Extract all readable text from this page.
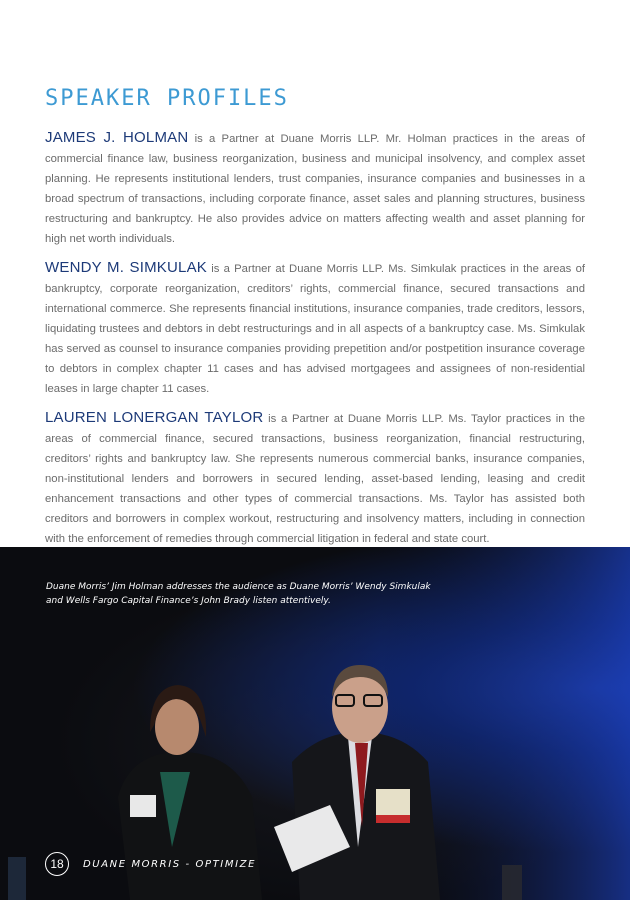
SPEAKER PROFILES

JAMES J. HOLMAN is a Partner at Duane Morris LLP. Mr. Holman practices in the areas of commercial finance law, business reorganization, business and municipal insolvency, and complex asset planning. He represents institutional lenders, trust companies, insurance companies and businesses in a broad spectrum of transactions, including corporate finance, asset sales and planning structures, business restructuring and bankruptcy. He also provides advice on matters affecting wealth and asset planning for high net worth individuals.

WENDY M. SIMKULAK is a Partner at Duane Morris LLP. Ms. Simkulak practices in the areas of bankruptcy, corporate reorganization, creditors’ rights, commercial finance, secured transactions and international commerce. She represents financial institutions, insurance companies, trade creditors, lessors, liquidating trustees and debtors in debt restructurings and in all aspects of a bankruptcy case. Ms. Simkulak has served as counsel to insurance companies providing prepetition and/or postpetition insurance coverage to debtors in complex chapter 11 cases and has advised mortgagees and assignees of non-residential leases in large chapter 11 cases.

LAUREN LONERGAN TAYLOR is a Partner at Duane Morris LLP. Ms. Taylor practices in the areas of commercial finance, secured transactions, business reorganization, financial restructuring, creditors’ rights and bankruptcy law. She represents numerous commercial banks, insurance companies, non-institutional lenders and borrowers in secured lending, asset-based lending, leasing and credit enhancement transactions and other types of commercial transactions. Ms. Taylor has assisted both creditors and borrowers in complex workout, restructuring and insolvency matters, including in connection with the enforcement of remedies through commercial litigation in federal and state court.

Duane Morris’ Jim Holman addresses the audience as Duane Morris’ Wendy Simkulak
and Wells Fargo Capital Finance’s John Brady listen attentively.

18	DUANE MORRIS - OPTIMIZE
